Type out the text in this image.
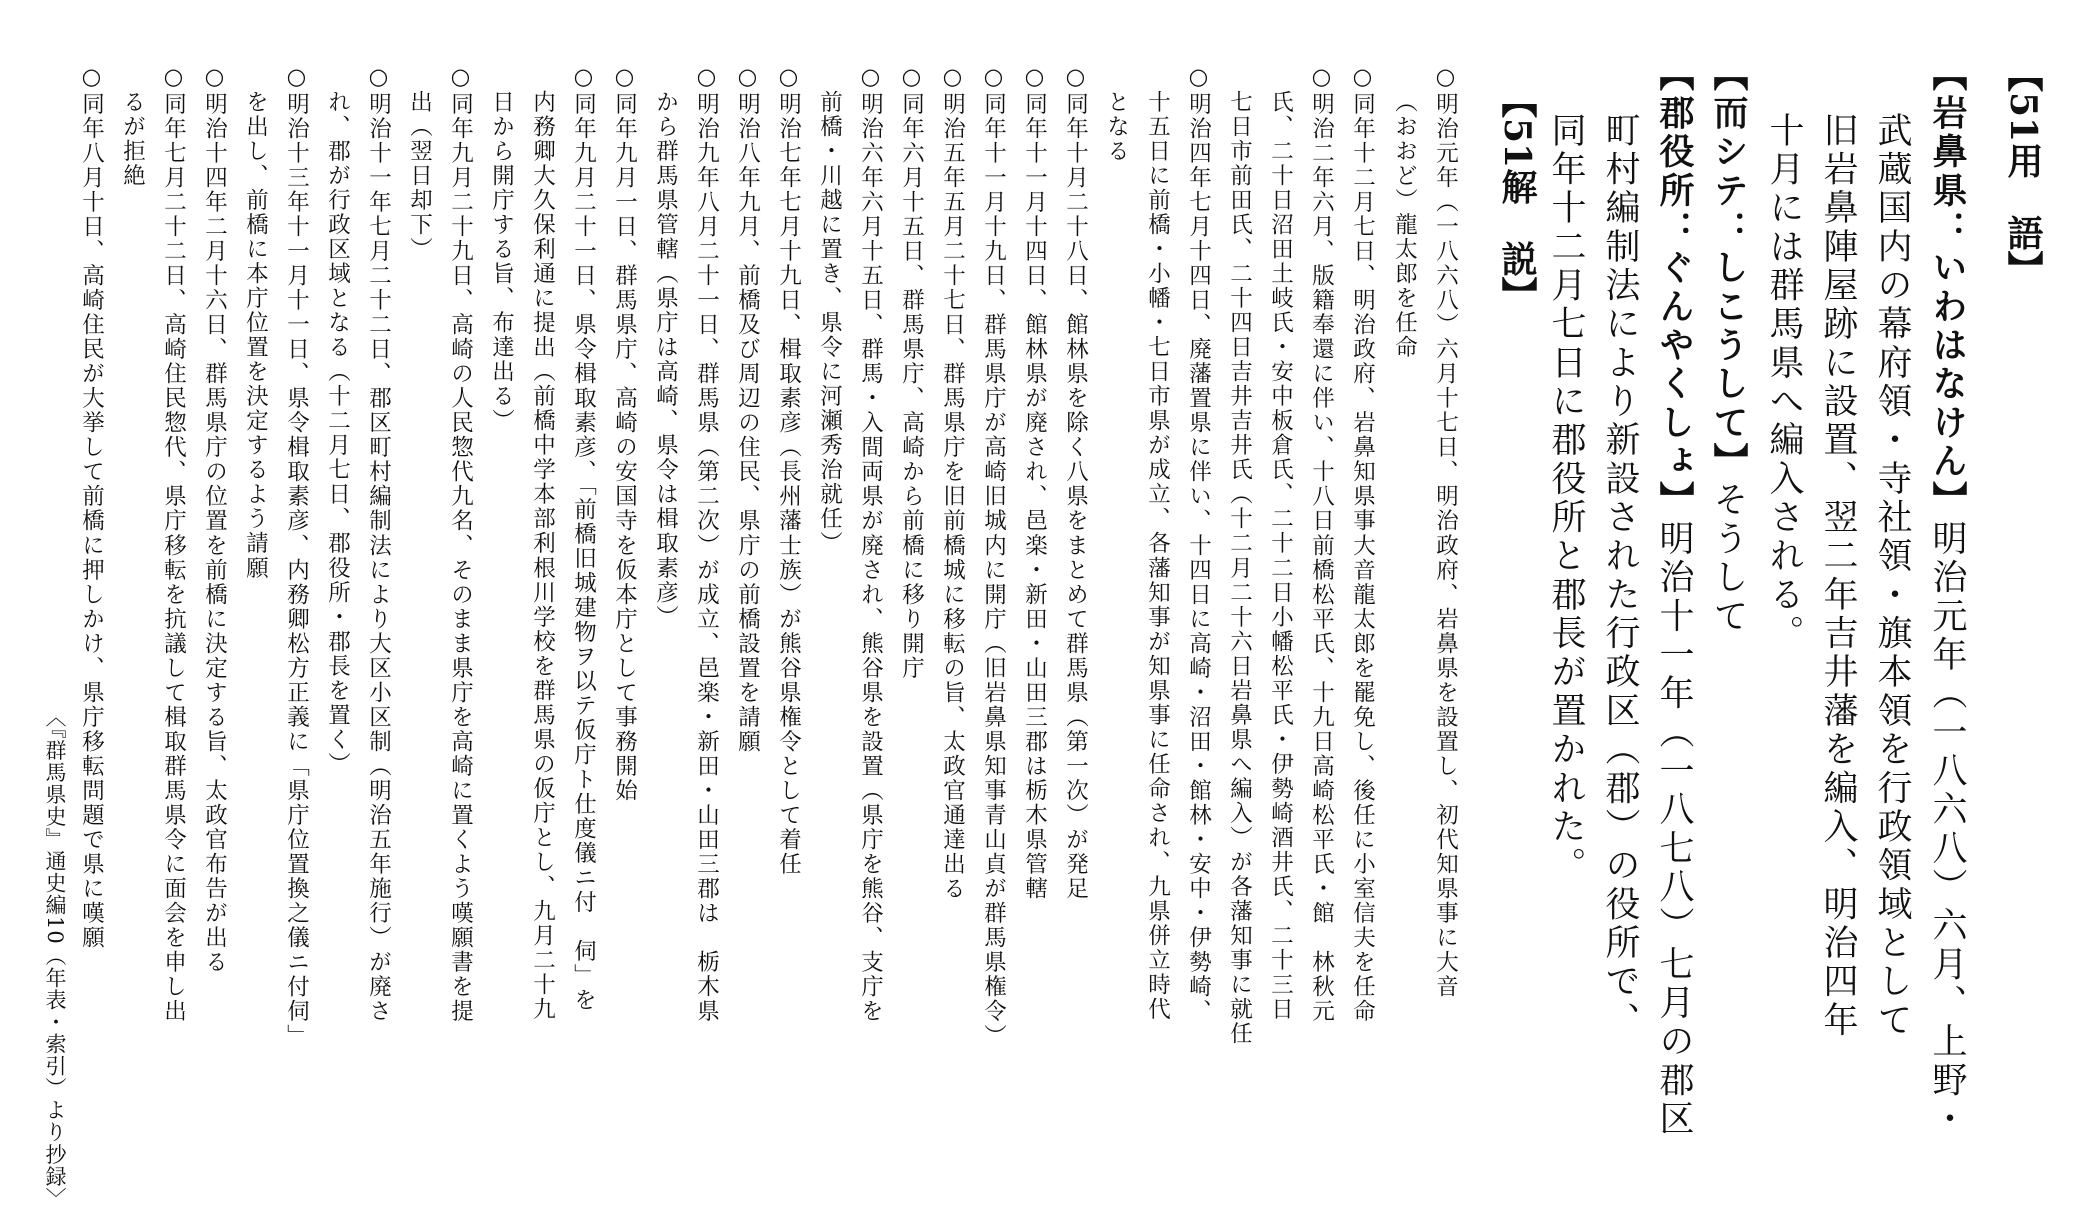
【51用　語】
【岩鼻県：いわはなけん】明治元年（一八六八）六月、上野・
武蔵国内の幕府領・寺社領・旗本領を行政領域として
旧岩鼻陣屋跡に設置、翌二年吉井藩を編入、明治四年
十月には群馬県へ編入される。
【而シテ：しこうして】そうして
【郡役所：ぐんやくしょ】明治十一年（一八七八）七月の郡区
町村編制法により新設された行政区（郡）の役所で、
同年十二月七日に郡役所と郡長が置かれた。
【51解　説】
○明治元年（一八六八）六月十七日、明治政府、岩鼻県を設置し、初代知県事に大音
（おおど）龍太郎を任命
○同年十二月七日、明治政府、岩鼻知県事大音龍太郎を罷免し、後任に小室信夫を任命
○明治二年六月、版籍奉還に伴い、十八日前橋松平氏、十九日高崎松平氏・館　林秋元
氏、二十日沼田土岐氏・安中板倉氏、二十二日小幡松平氏・伊勢崎酒井氏、二十三日
七日市前田氏、二十四日吉井吉井氏（十二月二十六日岩鼻県へ編入）が各藩知事に就任
○明治四年七月十四日、廃藩置県に伴い、十四日に高崎・沼田・館林・安中・伊勢崎、
十五日に前橋・小幡・七日市県が成立、各藩知事が知県事に任命され、九県併立時代
となる
○同年十月二十八日、館林県を除く八県をまとめて群馬県（第一次）が発足
○同年十一月十四日、館林県が廃され、邑楽・新田・山田三郡は栃木県管轄
○同年十一月十九日、群馬県庁が高崎旧城内に開庁（旧岩鼻県知事青山貞が群馬県権令）
○明治五年五月二十七日、群馬県庁を旧前橋城に移転の旨、太政官通達出る
○同年六月十五日、群馬県庁、高崎から前橋に移り開庁
○明治六年六月十五日、群馬・入間両県が廃され、熊谷県を設置（県庁を熊谷、支庁を
前橋・川越に置き、県令に河瀬秀治就任）
○明治七年七月十九日、楫取素彦（長州藩士族）が熊谷県権令として着任
○明治八年九月、前橋及び周辺の住民、県庁の前橋設置を請願
○明治九年八月二十一日、群馬県（第二次）が成立、邑楽・新田・山田三郡は　栃木県
から群馬県管轄（県庁は高崎、県令は楫取素彦）
○同年九月一日、群馬県庁、高崎の安国寺を仮本庁として事務開始
○同年九月二十一日、県令楫取素彦、「前橋旧城建物ヲ以テ仮庁ト仕度儀ニ付　伺」を
内務卿大久保利通に提出（前橋中学本部利根川学校を群馬県の仮庁とし、九月二十九
日から開庁する旨、布達出る）
○同年九月二十九日、高崎の人民惣代九名、そのまま県庁を高崎に置くよう嘆願書を提
出（翌日却下）
○明治十一年七月二十二日、郡区町村編制法により大区小区制（明治五年施行）が廃さ
れ、郡が行政区域となる（十二月七日、郡役所・郡長を置く）
○明治十三年十一月十一日、県令楫取素彦、内務卿松方正義に「県庁位置換之儀ニ付伺」
を出し、前橋に本庁位置を決定するよう請願
○明治十四年二月十六日、群馬県庁の位置を前橋に決定する旨、太政官布告が出る
○同年七月二十二日、高崎住民惣代、県庁移転を抗議して楫取群馬県令に面会を申し出
るが拒絶
○同年八月十日、高崎住民が大挙して前橋に押しかけ、県庁移転問題で県に嘆願
〈『群馬県史』通史編10（年表・索引）より抄録〉
